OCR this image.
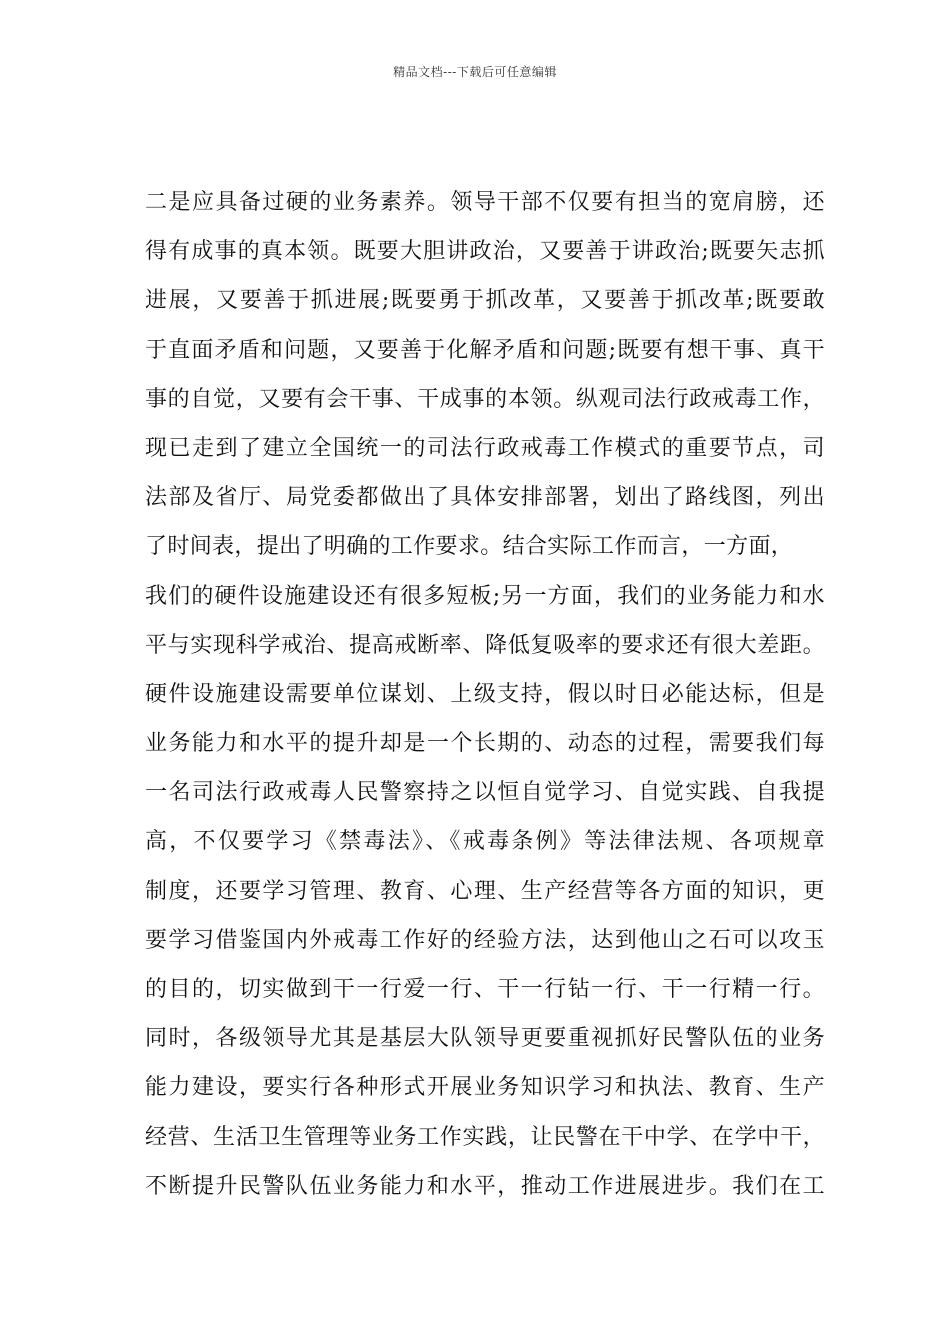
精品文档---下载后可任意编辑
二是应具备过硬的业务素养。领导干部不仅要有担当的宽肩膀，还
得有成事的真本领。既要大胆讲政治，又要善于讲政治;既要矢志抓
进展，又要善于抓进展;既要勇于抓改革，又要善于抓改革;既要敢
于直面矛盾和问题，又要善于化解矛盾和问题;既要有想干事、真干
事的自觉，又要有会干事、干成事的本领。纵观司法行政戒毒工作，
现已走到了建立全国统一的司法行政戒毒工作模式的重要节点，司
法部及省厅、局党委都做出了具体安排部署，划出了路线图，列出
了时间表，提出了明确的工作要求。结合实际工作而言，一方面，
我们的硬件设施建设还有很多短板;另一方面，我们的业务能力和水
平与实现科学戒治、提高戒断率、降低复吸率的要求还有很大差距。
硬件设施建设需要单位谋划、上级支持，假以时日必能达标，但是
业务能力和水平的提升却是一个长期的、动态的过程，需要我们每
一名司法行政戒毒人民警察持之以恒自觉学习、自觉实践、自我提
高，不仅要学习《禁毒法》、《戒毒条例》等法律法规、各项规章
制度，还要学习管理、教育、心理、生产经营等各方面的知识，更
要学习借鉴国内外戒毒工作好的经验方法，达到他山之石可以攻玉
的目的，切实做到干一行爱一行、干一行钻一行、干一行精一行。
同时，各级领导尤其是基层大队领导更要重视抓好民警队伍的业务
能力建设，要实行各种形式开展业务知识学习和执法、教育、生产
经营、生活卫生管理等业务工作实践，让民警在干中学、在学中干，
不断提升民警队伍业务能力和水平，推动工作进展进步。我们在工
